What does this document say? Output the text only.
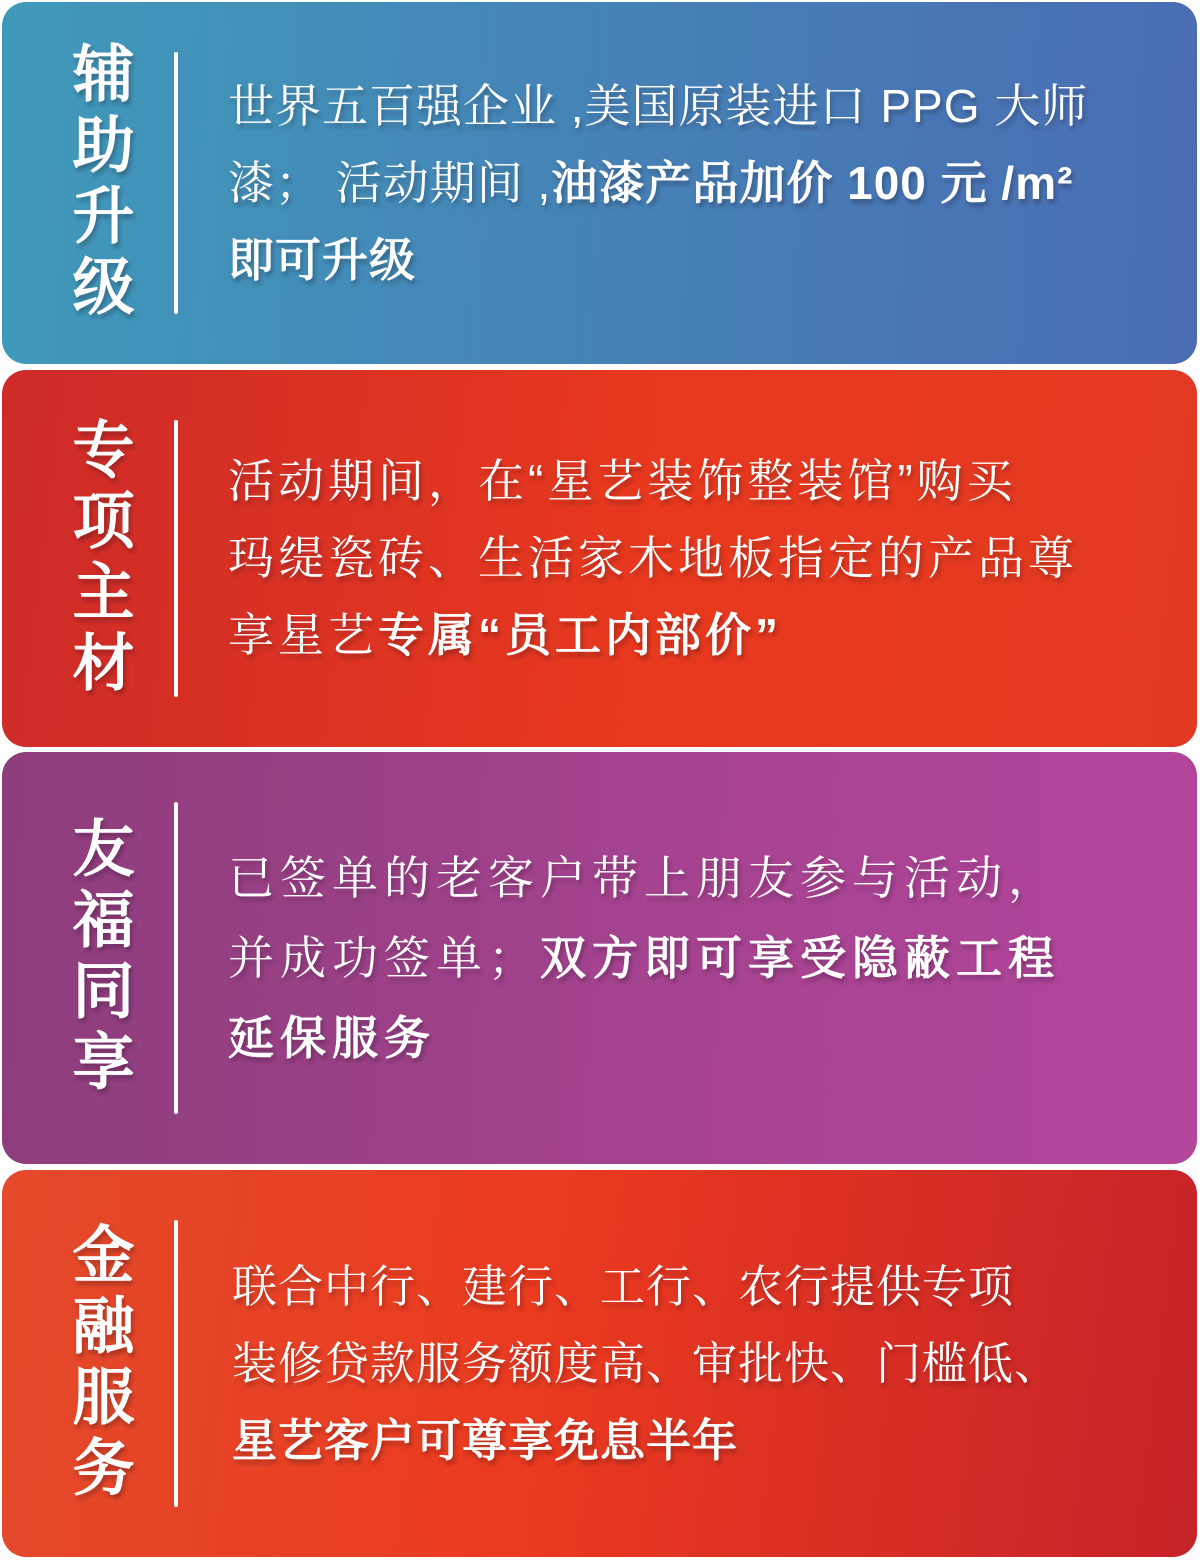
辅助升级 世界五百强企业 ,美国原装进口 PPG 大师

漆； 活动期间 ,油漆产品加价 100 元 /m²

即可升级

专项主材 活动期间，在“星艺装饰整装馆”购买

玛缇瓷砖、生活家木地板指定的产品尊

享星艺专属“员工内部价”

友福同享 已签单的老客户带上朋友参与活动，

并成功签单；双方即可享受隐蔽工程

延保服务

金融服务 联合中行、建行、工行、农行提供专项

装修贷款服务额度高、审批快、门槛低、

星艺客户可尊享免息半年
